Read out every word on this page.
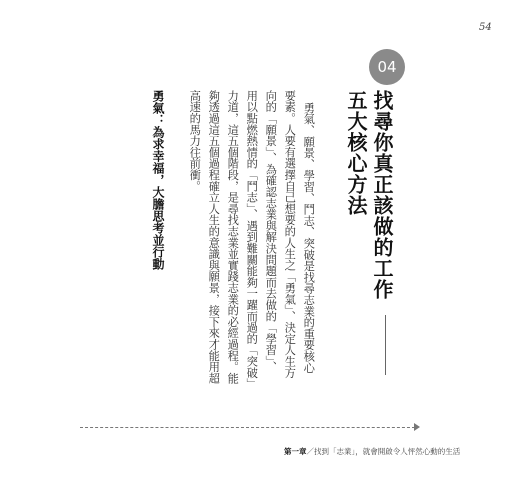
54
04
找尋你真正該做的工作
五大核心方法
勇氣、願景、學習、鬥志、突破是找尋志業的重要核心
要素。人要有選擇自己想要的人生之「勇氣」、決定人生方
向的「願景」、為確認志業與解決問題而去做的「學習」、
用以點燃熱情的「鬥志」、遇到難關能夠一躍而過的「突破」
力道，這五個階段，是尋找志業並實踐志業的必經過程。能
夠透過這五個過程確立人生的意識與願景，接下來才能用超
高速的馬力往前衝。
勇氣：為求幸福，大膽思考並行動
第一章／找到「志業」，就會開啟令人怦然心動的生活
